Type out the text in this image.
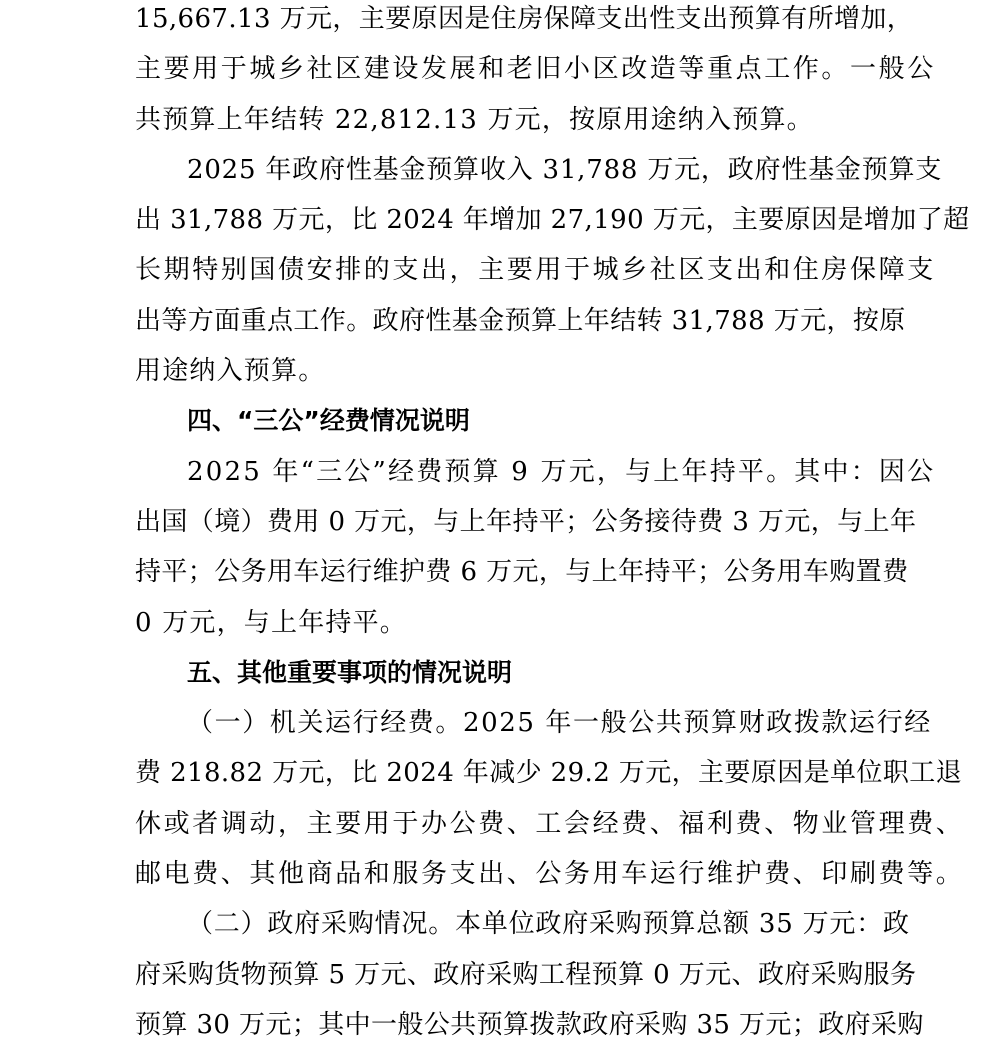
15,667.13 万元，主要原因是住房保障支出性支出预算有所增加，
主要用于城乡社区建设发展和老旧小区改造等重点工作。一般公
共预算上年结转 22,812.13 万元，按原用途纳入预算。
2025 年政府性基金预算收入 31,788 万元，政府性基金预算支
出 31,788 万元，比 2024 年增加 27,190 万元，主要原因是增加了超
长期特别国债安排的支出，主要用于城乡社区支出和住房保障支
出等方面重点工作。政府性基金预算上年结转 31,788 万元，按原
用途纳入预算。
四、“三公”经费情况说明
2025 年“三公”经费预算 9 万元，与上年持平。其中：因公
出国（境）费用 0 万元，与上年持平；公务接待费 3 万元，与上年
持平；公务用车运行维护费 6 万元，与上年持平；公务用车购置费
0 万元，与上年持平。
五、其他重要事项的情况说明
（一）机关运行经费。2025 年一般公共预算财政拨款运行经
费 218.82 万元，比 2024 年减少 29.2 万元，主要原因是单位职工退
休或者调动，主要用于办公费、工会经费、福利费、物业管理费、
邮电费、其他商品和服务支出、公务用车运行维护费、印刷费等。
（二）政府采购情况。本单位政府采购预算总额 35 万元：政
府采购货物预算 5 万元、政府采购工程预算 0 万元、政府采购服务
预算 30 万元；其中一般公共预算拨款政府采购 35 万元；政府采购
